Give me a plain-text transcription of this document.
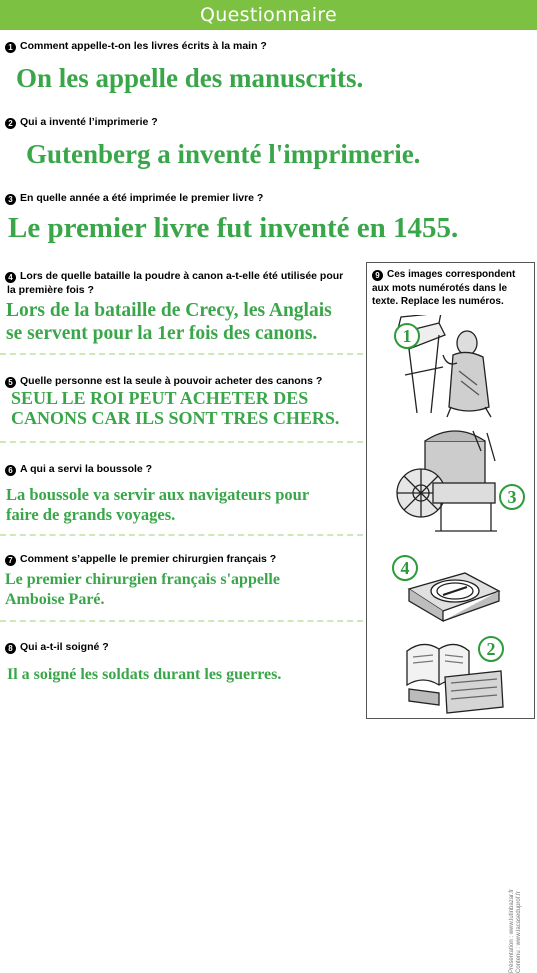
Questionnaire
1 Comment appelle-t-on les livres écrits à la main ?
On les appelle des manuscrits.
2 Qui a inventé l’imprimerie ?
Gutenberg a inventé l'imprimerie.
3 En quelle année a été imprimée le premier livre ?
Le premier livre fut inventé en 1455.
4 Lors de quelle bataille la poudre à canon a-t-elle été utilisée pour
la première fois ?
Lors de la bataille de Crecy, les Anglais
se servent pour la 1er fois des canons.
5 Quelle personne est la seule à pouvoir acheter des canons ?
SEUL LE ROI PEUT ACHETER DES
CANONS CAR ILS SONT TRES CHERS.
6 A qui a servi la boussole ?
La boussole va servir aux navigateurs pour
faire de grands voyages.
7 Comment s’appelle le premier chirurgien français ?
Le premier chirurgien français s'appelle
Amboise Paré.
8 Qui a-t-il soigné ?
Il a soigné les soldats durant les guerres.
9 Ces images correspondent
aux mots numérotés dans le
texte. Replace les numéros.
1
3
4
2
Présentation : www.lutinbazar.fr Contenu : www.lacaseduprof.fr
